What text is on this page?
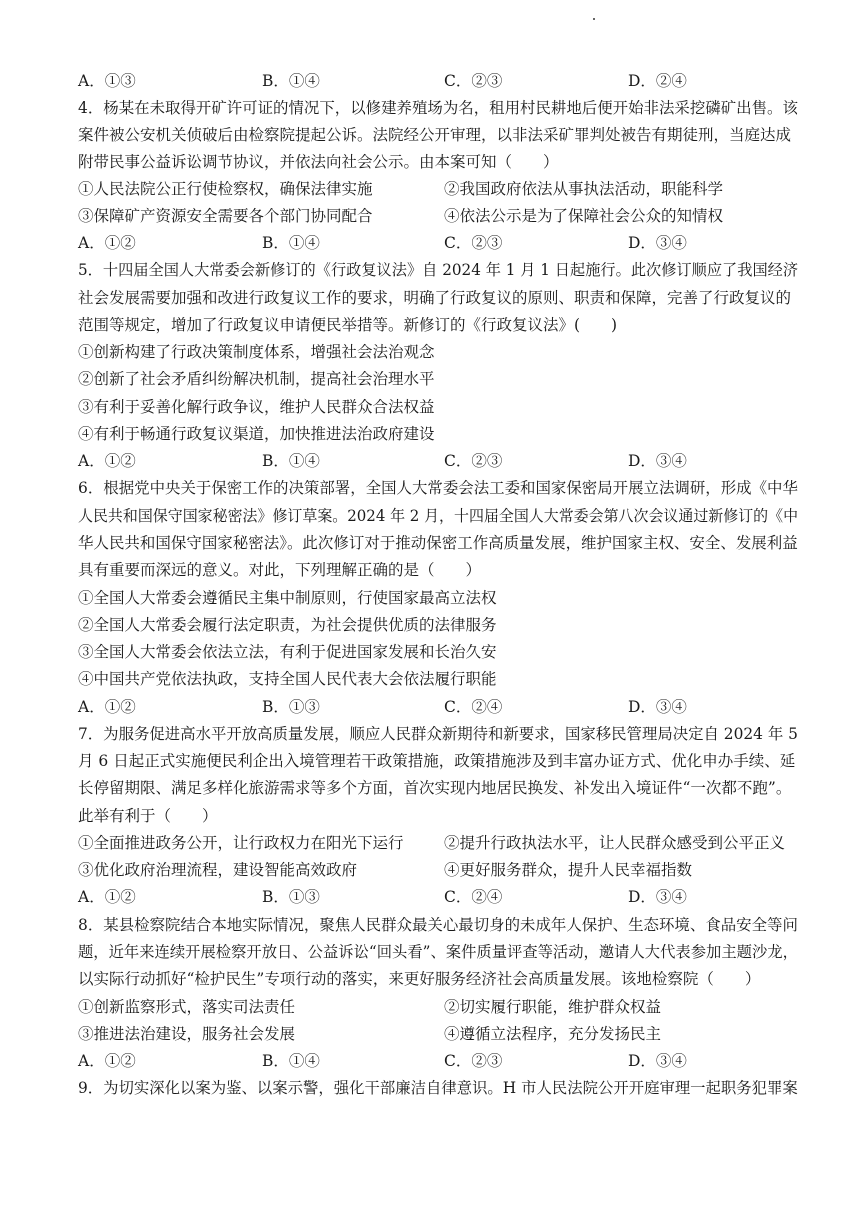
A．①③	B．①④	C．②③	D．②④
4．杨某在未取得开矿许可证的情况下，以修建养殖场为名，租用村民耕地后便开始非法采挖磷矿出售。该
案件被公安机关侦破后由检察院提起公诉。法院经公开审理，以非法采矿罪判处被告有期徒刑，当庭达成
附带民事公益诉讼调节协议，并依法向社会公示。由本案可知（　　）
①人民法院公正行使检察权，确保法律实施	②我国政府依法从事执法活动，职能科学
③保障矿产资源安全需要各个部门协同配合	④依法公示是为了保障社会公众的知情权
A．①②	B．①④	C．②③	D．③④
5．十四届全国人大常委会新修订的《行政复议法》自 2024 年 1 月 1 日起施行。此次修订顺应了我国经济
社会发展需要加强和改进行政复议工作的要求，明确了行政复议的原则、职责和保障，完善了行政复议的
范围等规定，增加了行政复议申请便民举措等。新修订的《行政复议法》(　　)
①创新构建了行政决策制度体系，增强社会法治观念
②创新了社会矛盾纠纷解决机制，提高社会治理水平
③有利于妥善化解行政争议，维护人民群众合法权益
④有利于畅通行政复议渠道，加快推进法治政府建设
A．①②	B．①④	C．②③	D．③④
6．根据党中央关于保密工作的决策部署，全国人大常委会法工委和国家保密局开展立法调研，形成《中华
人民共和国保守国家秘密法》修订草案。2024 年 2 月，十四届全国人大常委会第八次会议通过新修订的《中
华人民共和国保守国家秘密法》。此次修订对于推动保密工作高质量发展，维护国家主权、安全、发展利益
具有重要而深远的意义。对此，下列理解正确的是（　　）
①全国人大常委会遵循民主集中制原则，行使国家最高立法权
②全国人大常委会履行法定职责，为社会提供优质的法律服务
③全国人大常委会依法立法，有利于促进国家发展和长治久安
④中国共产党依法执政，支持全国人民代表大会依法履行职能
A．①②	B．①③	C．②④	D．③④
7．为服务促进高水平开放高质量发展，顺应人民群众新期待和新要求，国家移民管理局决定自 2024 年 5
月 6 日起正式实施便民利企出入境管理若干政策措施，政策措施涉及到丰富办证方式、优化申办手续、延
长停留期限、满足多样化旅游需求等多个方面，首次实现内地居民换发、补发出入境证件“一次都不跑”。
此举有利于（　　）
①全面推进政务公开，让行政权力在阳光下运行	②提升行政执法水平，让人民群众感受到公平正义
③优化政府治理流程，建设智能高效政府	④更好服务群众，提升人民幸福指数
A．①②	B．①③	C．②④	D．③④
8．某县检察院结合本地实际情况，聚焦人民群众最关心最切身的未成年人保护、生态环境、食品安全等问
题，近年来连续开展检察开放日、公益诉讼“回头看”、案件质量评查等活动，邀请人大代表参加主题沙龙，
以实际行动抓好“检护民生”专项行动的落实，来更好服务经济社会高质量发展。该地检察院（　　）
①创新监察形式，落实司法责任	②切实履行职能，维护群众权益
③推进法治建设，服务社会发展	④遵循立法程序，充分发扬民主
A．①②	B．①④	C．②③	D．③④
9．为切实深化以案为鉴、以案示警，强化干部廉洁自律意识。H 市人民法院公开开庭审理一起职务犯罪案
